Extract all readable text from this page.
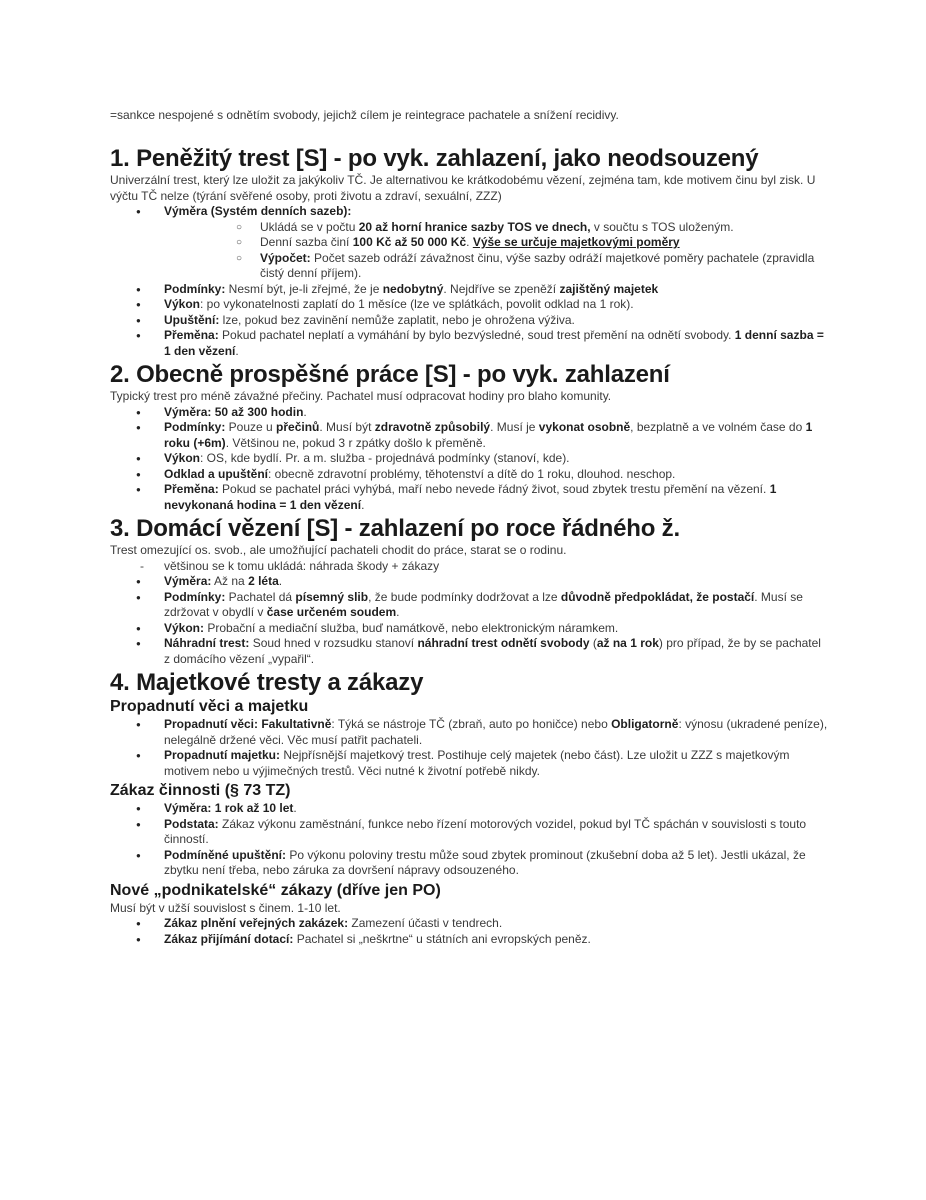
=sankce nespojené s odnětím svobody, jejichž cílem je reintegrace pachatele a snížení recidivy.

1. Peněžitý trest [S] - po vyk. zahlazení, jako neodsouzený

Univerzální trest, který lze uložit za jakýkoliv TČ. Je alternativou ke krátkodobému vězení, zejména tam, kde motivem činu byl zisk. U výčtu TČ nelze (týrání svěřené osoby, proti životu a zdraví, sexuální, ZZZ)

● Výměra (Systém denních sazeb):
○ Ukládá se v počtu 20 až horní hranice sazby TOS ve dnech, v součtu s TOS uloženým.
○ Denní sazba činí 100 Kč až 50 000 Kč. Výše se určuje majetkovými poměry
○ Výpočet: Počet sazeb odráží závažnost činu, výše sazby odráží majetkové poměry pachatele (zpravidla čistý denní příjem).
● Podmínky: Nesmí být, je-li zřejmé, že je nedobytný. Nejdříve se zpeněží zajištěný majetek
● Výkon: po vykonatelnosti zaplatí do 1 měsíce (lze ve splátkách, povolit odklad na 1 rok).
● Upuštění: lze, pokud bez zavinění nemůže zaplatit, nebo je ohrožena výživa.
● Přeměna: Pokud pachatel neplatí a vymáhání by bylo bezvýsledné, soud trest přemění na odnětí svobody. 1 denní sazba = 1 den vězení.
2. Obecně prospěšné práce [S] - po vyk. zahlazení

Typický trest pro méně závažné přečiny. Pachatel musí odpracovat hodiny pro blaho komunity.

● Výměra: 50 až 300 hodin.
● Podmínky: Pouze u přečinů. Musí být zdravotně způsobilý. Musí je vykonat osobně, bezplatně a ve volném čase do 1 roku (+6m). Většinou ne, pokud 3 r zpátky došlo k přeměně.
● Výkon: OS, kde bydlí. Pr. a m. služba - projednává podmínky (stanoví, kde).
● Odklad a upuštění: obecně zdravotní problémy, těhotenství a dítě do 1 roku, dlouhod. neschop.
● Přeměna: Pokud se pachatel práci vyhýbá, maří nebo nevede řádný život, soud zbytek trestu přemění na vězení. 1 nevykonaná hodina = 1 den vězení.
3. Domácí vězení [S] - zahlazení po roce řádného ž.

Trest omezující os. svob., ale umožňující pachateli chodit do práce, starat se o rodinu.

- většinou se k tomu ukládá: náhrada škody + zákazy
● Výměra: Až na 2 léta.
● Podmínky: Pachatel dá písemný slib, že bude podmínky dodržovat a lze důvodně předpokládat, že postačí. Musí se zdržovat v obydlí v čase určeném soudem.
● Výkon: Probační a mediační služba, buď namátkově, nebo elektronickým náramkem.
● Náhradní trest: Soud hned v rozsudku stanoví náhradní trest odnětí svobody (až na 1 rok) pro případ, že by se pachatel z domácího vězení „vypařil“.
4. Majetkové tresty a zákazy
Propadnutí věci a majetku
● Propadnutí věci: Fakultativně: Týká se nástroje TČ (zbraň, auto po honičce) nebo Obligatorně: výnosu (ukradené peníze), nelegálně držené věci. Věc musí patřit pachateli.
● Propadnutí majetku: Nejpřísnější majetkový trest. Postihuje celý majetek (nebo část). Lze uložit u ZZZ s majetkovým motivem nebo u výjimečných trestů. Věci nutné k životní potřebě nikdy.
Zákaz činnosti (§ 73 TZ)
● Výměra: 1 rok až 10 let.
● Podstata: Zákaz výkonu zaměstnání, funkce nebo řízení motorových vozidel, pokud byl TČ spáchán v souvislosti s touto činností.
● Podmíněné upuštění: Po výkonu poloviny trestu může soud zbytek prominout (zkušební doba až 5 let). Jestli ukázal, že zbytku není třeba, nebo záruka za dovršení nápravy odsouzeného.
Nové „podnikatelské“ zákazy (dříve jen PO)

Musí být v užší souvislost s činem. 1-10 let.

● Zákaz plnění veřejných zakázek: Zamezení účasti v tendrech.
● Zákaz přijímání dotací: Pachatel si „neškrtne“ u státních ani evropských peněz.
